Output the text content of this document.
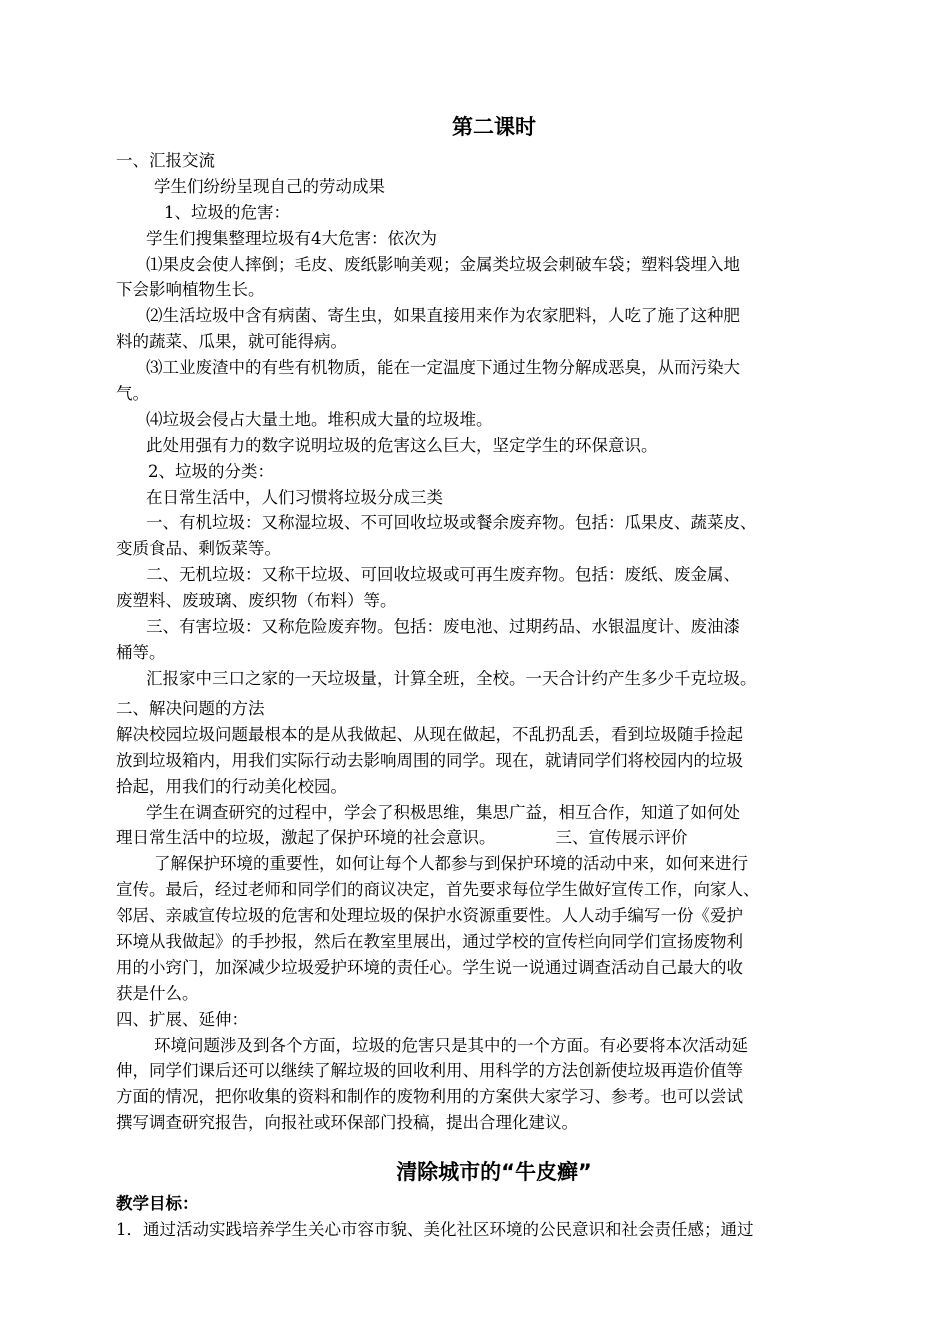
第二课时
一、汇报交流
学生们纷纷呈现自己的劳动成果
1、垃圾的危害：
学生们搜集整理垃圾有4大危害：依次为
⑴果皮会使人摔倒；毛皮、废纸影响美观；金属类垃圾会刺破车袋；塑料袋埋入地
下会影响植物生长。
⑵生活垃圾中含有病菌、寄生虫，如果直接用来作为农家肥料，人吃了施了这种肥
料的蔬菜、瓜果，就可能得病。
⑶工业废渣中的有些有机物质，能在一定温度下通过生物分解成恶臭，从而污染大
气。
⑷垃圾会侵占大量土地。堆积成大量的垃圾堆。
此处用强有力的数字说明垃圾的危害这么巨大，坚定学生的环保意识。
2、垃圾的分类：
在日常生活中，人们习惯将垃圾分成三类
一、有机垃圾：又称湿垃圾、不可回收垃圾或餐余废弃物。包括：瓜果皮、蔬菜皮、
变质食品、剩饭菜等。
二、无机垃圾：又称干垃圾、可回收垃圾或可再生废弃物。包括：废纸、废金属、
废塑料、废玻璃、废织物（布料）等。
三、有害垃圾：又称危险废弃物。包括：废电池、过期药品、水银温度计、废油漆
桶等。
汇报家中三口之家的一天垃圾量，计算全班，全校。一天合计约产生多少千克垃圾。
二、解决问题的方法
解决校园垃圾问题最根本的是从我做起、从现在做起，不乱扔乱丢，看到垃圾随手捡起
放到垃圾箱内，用我们实际行动去影响周围的同学。现在，就请同学们将校园内的垃圾
拾起，用我们的行动美化校园。
学生在调查研究的过程中，学会了积极思维，集思广益，相互合作，知道了如何处
理日常生活中的垃圾，激起了保护环境的社会意识。	三、宣传展示评价
了解保护环境的重要性，如何让每个人都参与到保护环境的活动中来，如何来进行
宣传。最后，经过老师和同学们的商议决定，首先要求每位学生做好宣传工作，向家人、
邻居、亲戚宣传垃圾的危害和处理垃圾的保护水资源重要性。人人动手编写一份《爱护
环境从我做起》的手抄报，然后在教室里展出，通过学校的宣传栏向同学们宣扬废物利
用的小窍门，加深减少垃圾爱护环境的责任心。学生说一说通过调查活动自己最大的收
获是什么。
四、扩展、延伸：
环境问题涉及到各个方面，垃圾的危害只是其中的一个方面。有必要将本次活动延
伸，同学们课后还可以继续了解垃圾的回收利用、用科学的方法创新使垃圾再造价值等
方面的情况，把你收集的资料和制作的废物利用的方案供大家学习、参考。也可以尝试
撰写调查研究报告，向报社或环保部门投稿，提出合理化建议。
清除城市的“牛皮癣”
教学目标：
1．通过活动实践培养学生关心市容市貌、美化社区环境的公民意识和社会责任感；通过
